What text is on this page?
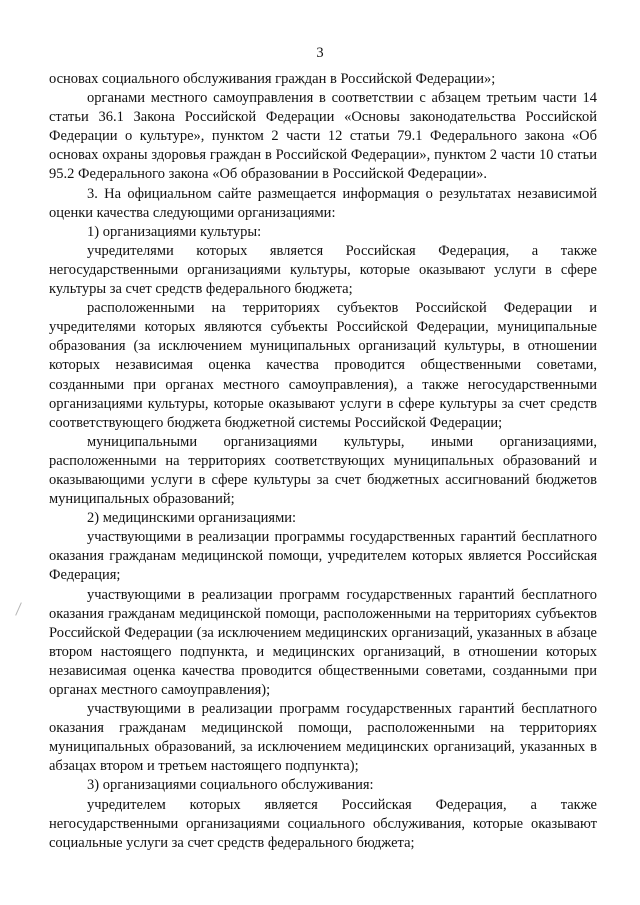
3

основах социального обслуживания граждан в Российской Федерации»;

органами местного самоуправления в соответствии с абзацем третьим части 14 статьи 36.1 Закона Российской Федерации «Основы законодательства Российской Федерации о культуре», пунктом 2 части 12 статьи 79.1 Федерального закона «Об основах охраны здоровья граждан в Российской Федерации», пунктом 2 части 10 статьи 95.2 Федерального закона «Об образовании в Российской Федерации».

3. На официальном сайте размещается информация о результатах независимой оценки качества следующими организациями:

1) организациями культуры:

учредителями которых является Российская Федерация, а также негосударственными организациями культуры, которые оказывают услуги в сфере культуры за счет средств федерального бюджета;

расположенными на территориях субъектов Российской Федерации и учредителями которых являются субъекты Российской Федерации, муниципальные образования (за исключением муниципальных организаций культуры, в отношении которых независимая оценка качества проводится общественными советами, созданными при органах местного самоуправления), а также негосударственными организациями культуры, которые оказывают услуги в сфере культуры за счет средств соответствующего бюджета бюджетной системы Российской Федерации;

муниципальными организациями культуры, иными организациями, расположенными на территориях соответствующих муниципальных образований и оказывающими услуги в сфере культуры за счет бюджетных ассигнований бюджетов муниципальных образований;

2) медицинскими организациями:

участвующими в реализации программы государственных гарантий бесплатного оказания гражданам медицинской помощи, учредителем которых является Российская Федерация;

участвующими в реализации программ государственных гарантий бесплатного оказания гражданам медицинской помощи, расположенными на территориях субъектов Российской Федерации (за исключением медицинских организаций, указанных в абзаце втором настоящего подпункта, и медицинских организаций, в отношении которых независимая оценка качества проводится общественными советами, созданными при органах местного самоуправления);

участвующими в реализации программ государственных гарантий бесплатного оказания гражданам медицинской помощи, расположенными на территориях муниципальных образований, за исключением медицинских организаций, указанных в абзацах втором и третьем настоящего подпункта);

3) организациями социального обслуживания:

учредителем которых является Российская Федерация, а также негосударственными организациями социального обслуживания, которые оказывают социальные услуги за счет средств федерального бюджета;
